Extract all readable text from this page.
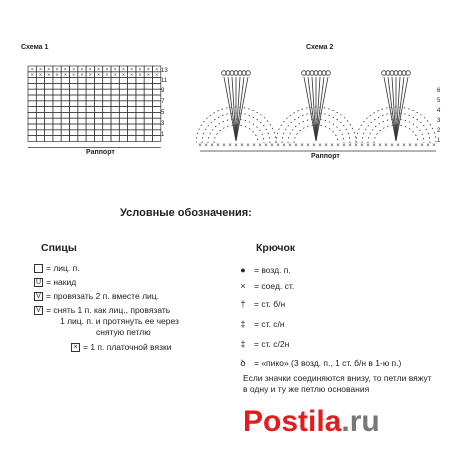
Схема 1
× × × × × × × × × × × × × × × ×
× × × × × × × × × × × × × × × ×
Раппорт
13
11
9
7
5
3
1
Схема 2
× × × × × × × × × × × × × × × × × × × × × × × × × × × × × × × × × × × × × × × ×
Раппорт
6
5
4
3
2
1
Условные обозначения:
Спицы
= лиц. п.
U = накид
V = провязать 2 п. вместе лиц.
V = снять 1 п. как лиц., провязать
1 лиц. п. и протянуть ее через
снятую петлю
× = 1 п. платочной вязки
Крючок
● = возд. п.
× = соед. ст.
† = ст. б/н
‡ = ст. с/н
‡ = ст. с/2н
ꝺ = «пико» (3 возд. п., 1 ст. б/н в 1-ю п.)
Если значки соединяются внизу, то петли вяжут
в одну и ту же петлю основания
Postila.ru
